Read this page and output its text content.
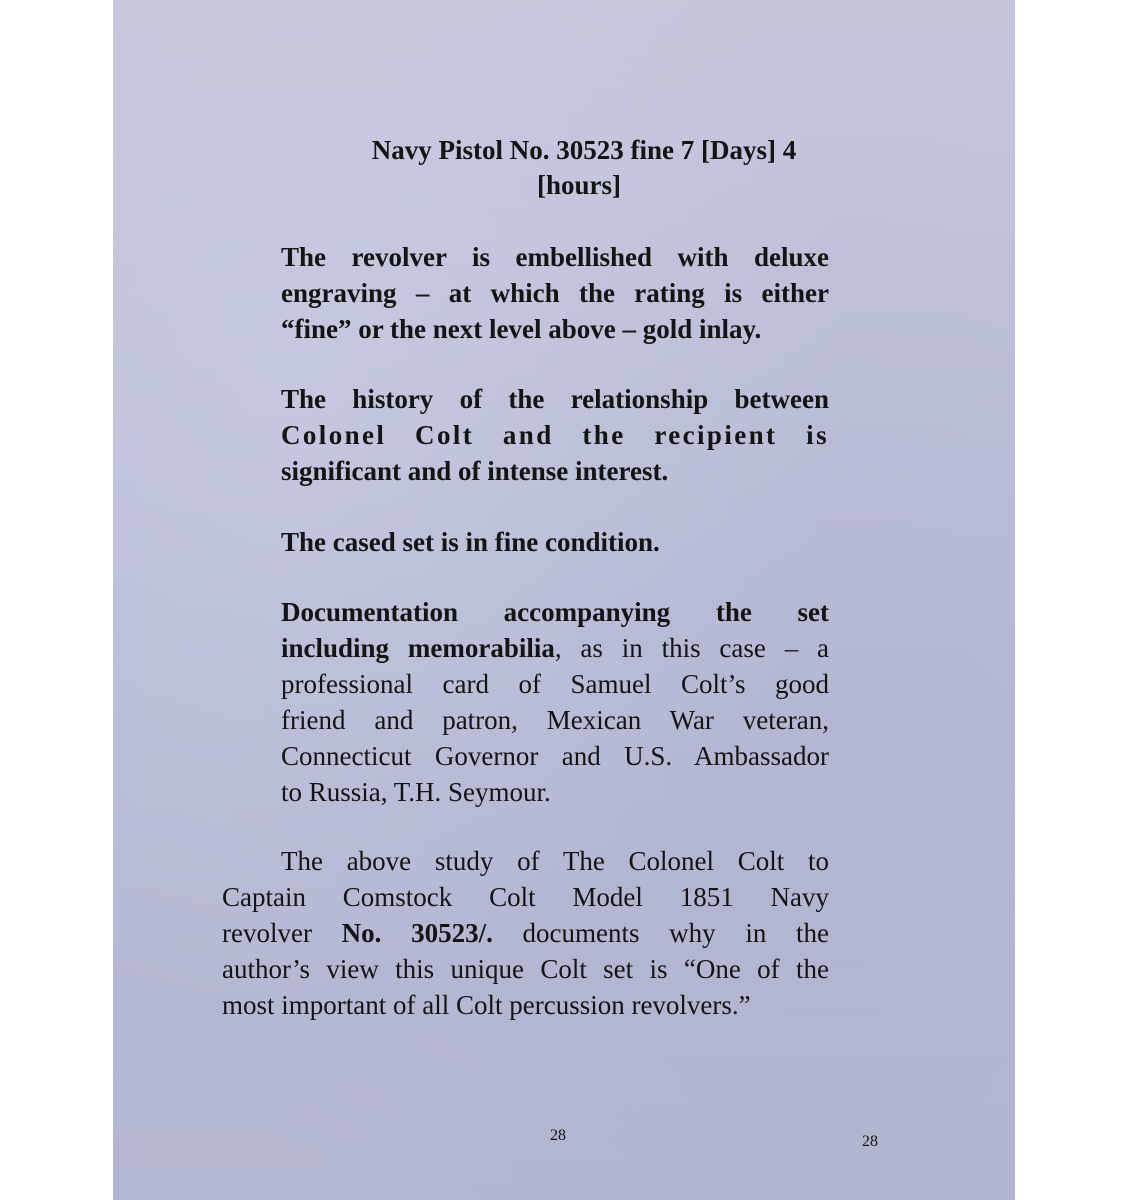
Navy Pistol No. 30523 fine 7 [Days] 4
[hours]
The revolver is embellished with deluxe
engraving – at which the rating is either
“fine” or the next level above – gold inlay.
The history of the relationship between
Colonel Colt and the recipient is
significant and of intense interest.
The cased set is in fine condition.
Documentation accompanying the set
including memorabilia, as in this case – a
professional card of Samuel Colt’s good
friend and patron, Mexican War veteran,
Connecticut Governor and U.S. Ambassador
to Russia, T.H. Seymour.
The above study of The Colonel Colt to
Captain Comstock Colt Model 1851 Navy
revolver No. 30523/. documents why in the
author’s view this unique Colt set is “One of the
most important of all Colt percussion revolvers.”
28	28
